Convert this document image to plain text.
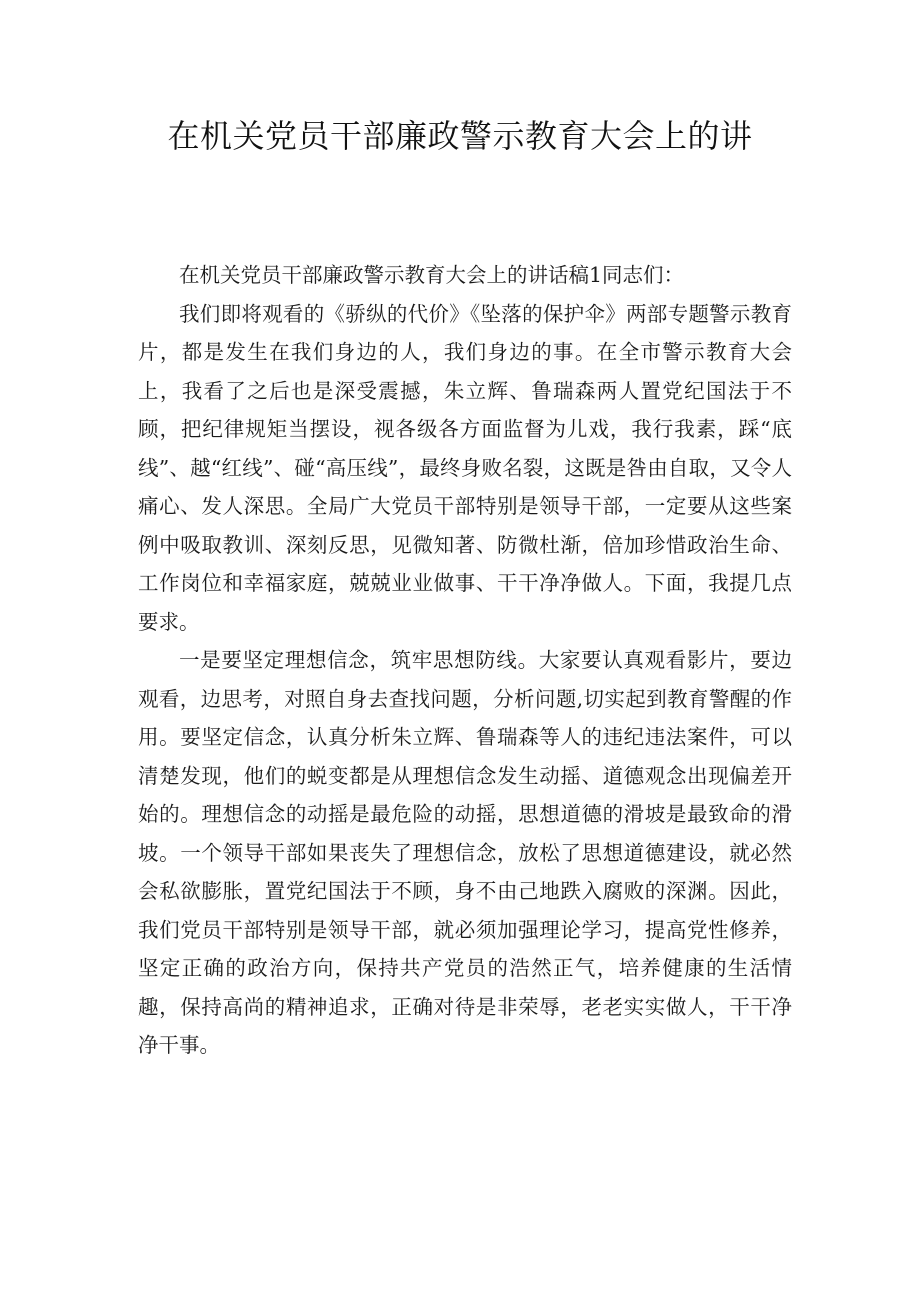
在机关党员干部廉政警示教育大会上的讲

在机关党员干部廉政警示教育大会上的讲话稿1同志们：

我们即将观看的《骄纵的代价》《坠落的保护伞》两部专题警示教育片，都是发生在我们身边的人，我们身边的事。在全市警示教育大会上，我看了之后也是深受震撼，朱立辉、鲁瑞森两人置党纪国法于不顾，把纪律规矩当摆设，视各级各方面监督为儿戏，我行我素，踩“底线”、越“红线”、碰“高压线”，最终身败名裂，这既是咎由自取，又令人痛心、发人深思。全局广大党员干部特别是领导干部，一定要从这些案例中吸取教训、深刻反思，见微知著、防微杜渐，倍加珍惜政治生命、工作岗位和幸福家庭，兢兢业业做事、干干净净做人。下面，我提几点要求。

一是要坚定理想信念，筑牢思想防线。大家要认真观看影片，要边观看，边思考，对照自身去查找问题，分析问题,切实起到教育警醒的作用。要坚定信念，认真分析朱立辉、鲁瑞森等人的违纪违法案件，可以清楚发现，他们的蜕变都是从理想信念发生动摇、道德观念出现偏差开始的。理想信念的动摇是最危险的动摇，思想道德的滑坡是最致命的滑坡。一个领导干部如果丧失了理想信念，放松了思想道德建设，就必然会私欲膨胀，置党纪国法于不顾，身不由己地跌入腐败的深渊。因此，我们党员干部特别是领导干部，就必须加强理论学习，提高党性修养，坚定正确的政治方向，保持共产党员的浩然正气，培养健康的生活情趣，保持高尚的精神追求，正确对待是非荣辱，老老实实做人，干干净净干事。
